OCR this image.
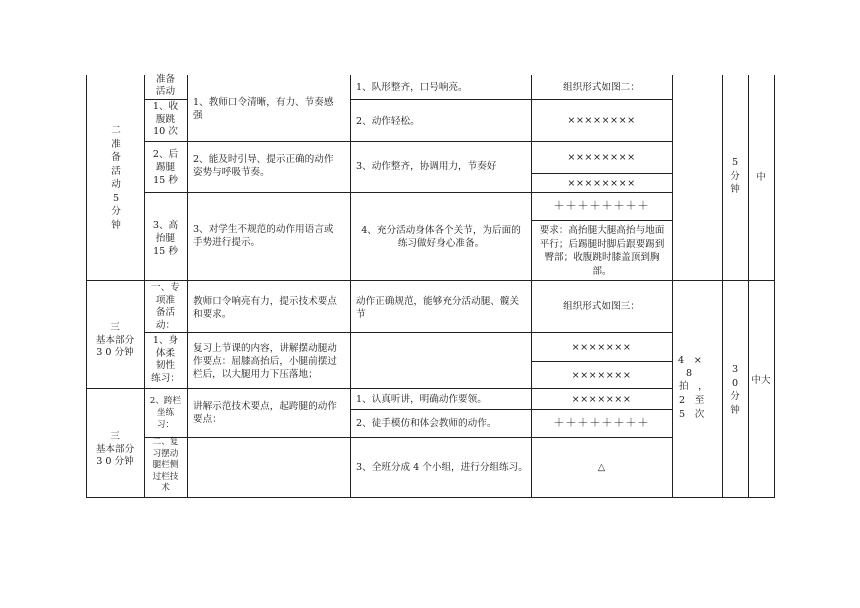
二
准
备
活
动
5
分
钟
准备
活动
1、收
腹跳
10 次
2、后
踢腿
15 秒
3、高
抬腿
15 秒
1、教师口令清晰，有力、节奏感
强
2、能及时引导、提示正确的动作
姿势与呼吸节奏。
3、对学生不规范的动作用语言或
手势进行提示。
1、队形整齐，口号响亮。
2、动作轻松。
3、动作整齐，协调用力，节奏好
4、充分活动身体各个关节，为后面的
练习做好身心准备。
组织形式如图二：
××××××××
××××××××
××××××××
＋＋＋＋＋＋＋＋
要求：高抬腿大腿高抬与地面
平行；后踢腿时脚后跟要踢到
臀部；收腹跳时膝盖顶到胸
部。
5
分
钟
中
三
基本部分
3 0 分钟
一、专
项准
备活
动：
1、身
体柔
韧性
练习：
教师口令响亮有力，提示技术要点
和要求。
复习上节课的内容，讲解摆动腿动
作要点：屈膝高抬后，小腿前摆过
栏后，以大腿用力下压落地；
动作正确规范，能够充分活动腿、髋关
节
组织形式如图三：
×××××××
×××××××
三
基本部分
3 0 分钟
2、跨栏
坐练
习：
二、复
习摆动
腿栏侧
过栏技
术
讲解示范技术要点，起跨腿的动作
要点：
1、认真听讲，明确动作要领。
2、徒手模仿和体会教师的动作。
3、全班分成 4 个小组，进行分组练习。
×××××××
＋＋＋＋＋＋＋＋
△
4　×
8
拍　，
2　至
5　次
3
0
分
钟
中大
